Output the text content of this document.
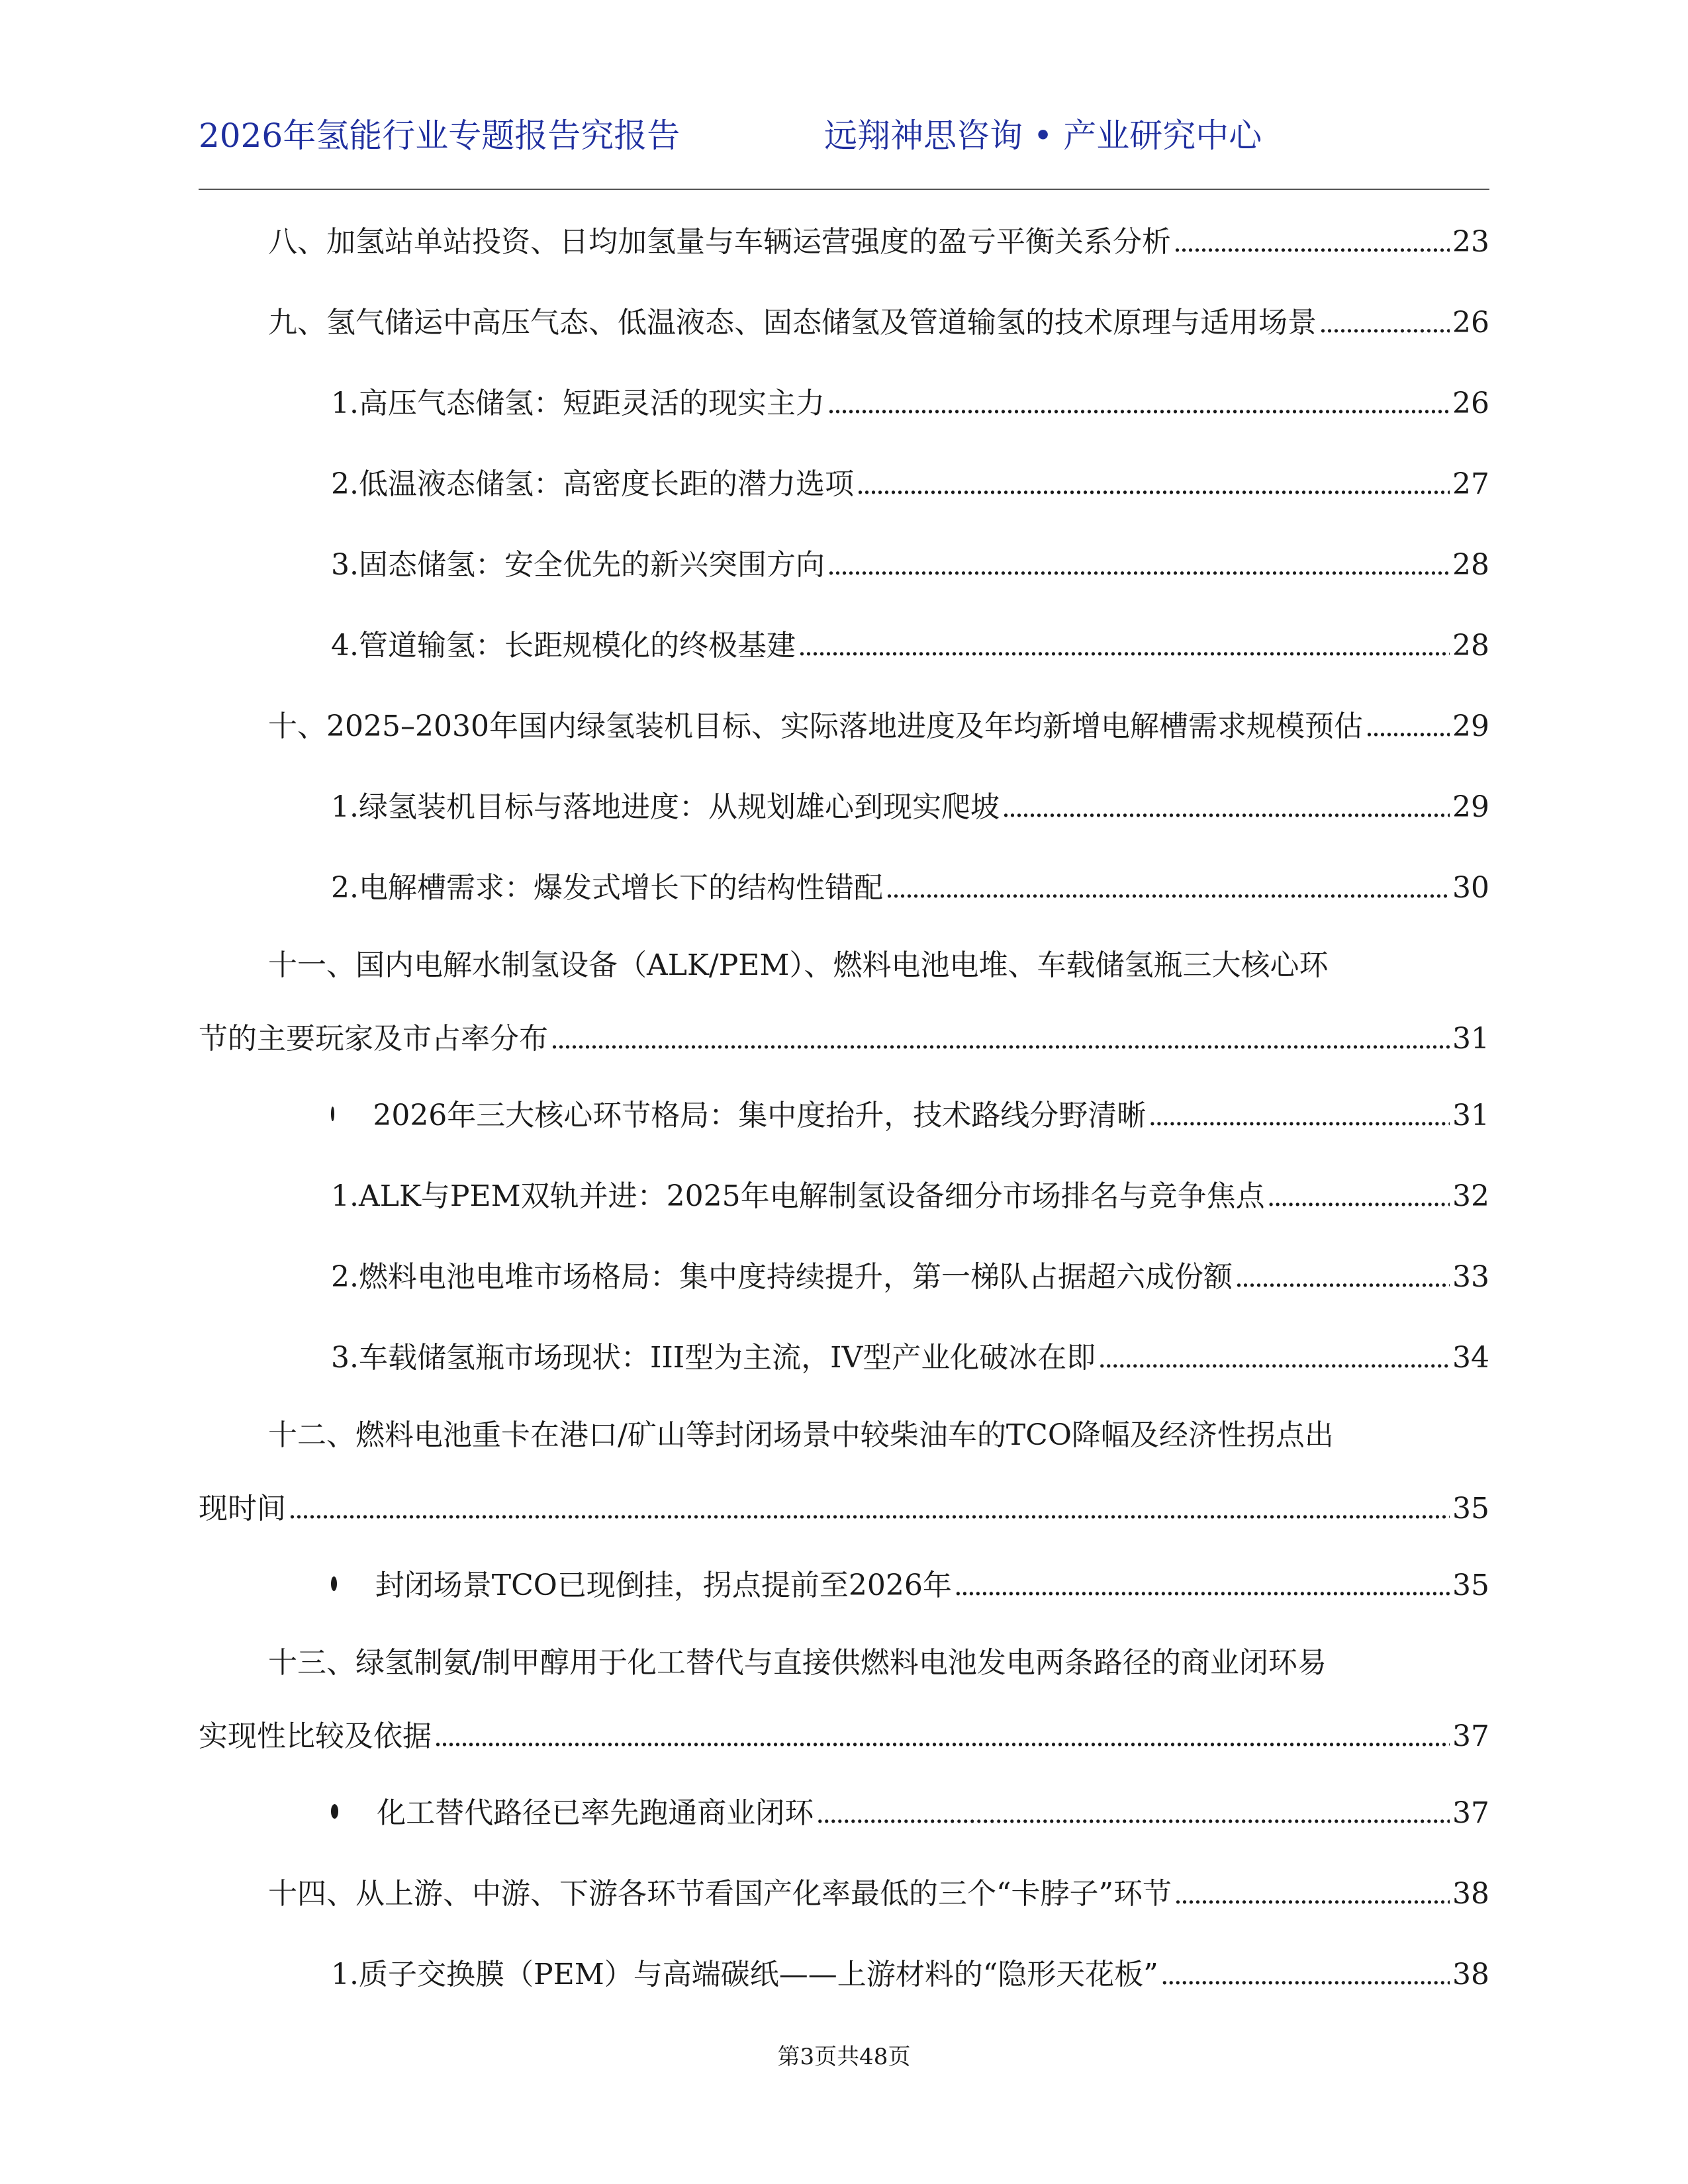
2026年氢能行业专题报告究报告	远翔神思咨询 • 产业研究中心
八、加氢站单站投资、日均加氢量与车辆运营强度的盈亏平衡关系分析 . . .	23
九、氢气储运中高压气态、低温液态、固态储氢及管道输氢的技术原理与适用场景 . . .	26
1.高压气态储氢：短距灵活的现实主力 . . .	26
2.低温液态储氢：高密度长距的潜力选项 . . .	27
3.固态储氢：安全优先的新兴突围方向 . . .	28
4.管道输氢：长距规模化的终极基建 . . .	28
十、2025–2030年国内绿氢装机目标、实际落地进度及年均新增电解槽需求规模预估 . . .	29
1.绿氢装机目标与落地进度：从规划雄心到现实爬坡 . . .	29
2.电解槽需求：爆发式增长下的结构性错配 . . .	30
十一、国内电解水制氢设备（ALK/PEM）、燃料电池电堆、车载储氢瓶三大核心环
节的主要玩家及市占率分布 . . .	31
2026年三大核心环节格局：集中度抬升，技术路线分野清晰 . . .	31
1.ALK与PEM双轨并进：2025年电解制氢设备细分市场排名与竞争焦点 . . .	32
2.燃料电池电堆市场格局：集中度持续提升，第一梯队占据超六成份额 . . .	33
3.车载储氢瓶市场现状：III型为主流，IV型产业化破冰在即 . . .	34
十二、燃料电池重卡在港口/矿山等封闭场景中较柴油车的TCO降幅及经济性拐点出
现时间 . . .	35
封闭场景TCO已现倒挂，拐点提前至2026年 . . .	35
十三、绿氢制氨/制甲醇用于化工替代与直接供燃料电池发电两条路径的商业闭环易
实现性比较及依据 . . .	37
化工替代路径已率先跑通商业闭环 . . .	37
十四、从上游、中游、下游各环节看国产化率最低的三个“卡脖子”环节 . . .	38
1.质子交换膜（PEM）与高端碳纸——上游材料的“隐形天花板” . . .	38
第3页共48页
